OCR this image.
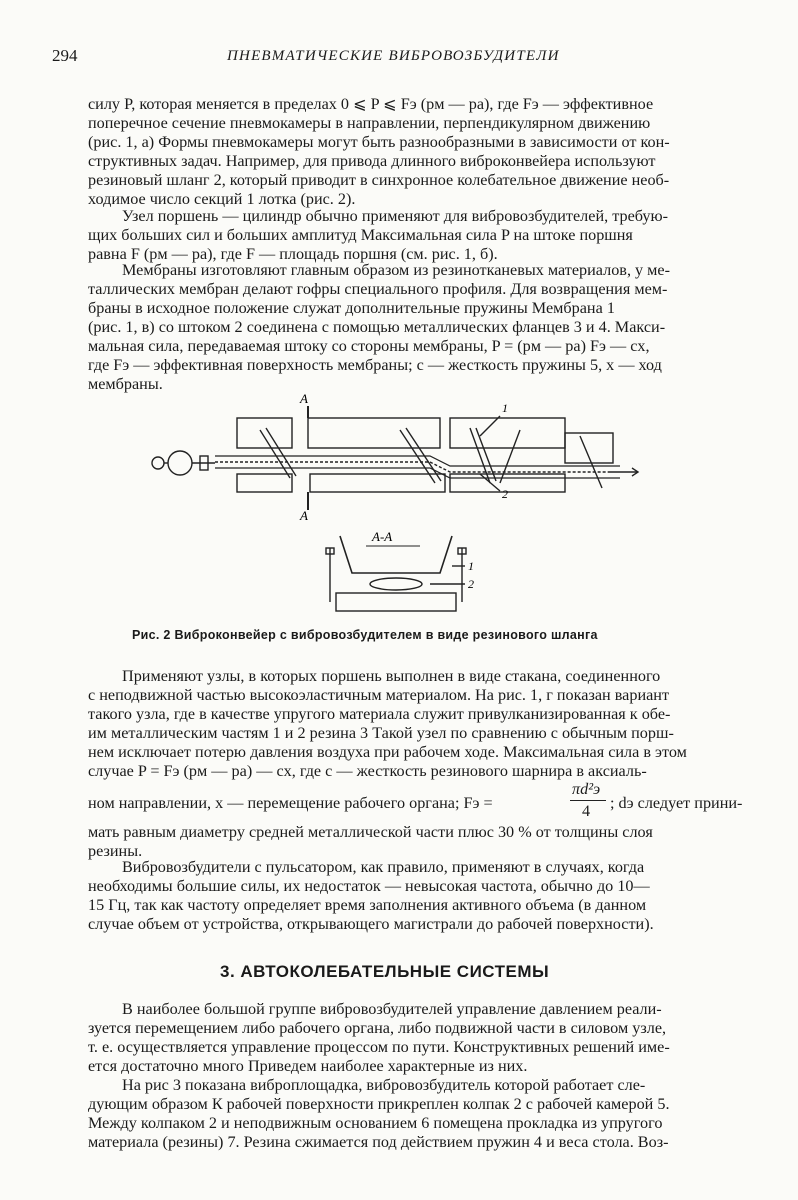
294	ПНЕВМАТИЧЕСКИЕ ВИБРОВОЗБУДИТЕЛИ
силу P, которая меняется в пределах 0 ⩽ P ⩽ Fэ (pм — pа), где Fэ — эффективное
поперечное сечение пневмокамеры в направлении, перпендикулярном движению
(рис. 1, а) Формы пневмокамеры могут быть разнообразными в зависимости от кон-
структивных задач. Например, для привода длинного виброконвейера используют
резиновый шланг 2, который приводит в синхронное колебательное движение необ-
ходимое число секций 1 лотка (рис. 2).
Узел поршень — цилиндр обычно применяют для вибровозбудителей, требую-
щих больших сил и больших амплитуд Максимальная сила P на штоке поршня
равна F (pм — pа), где F — площадь поршня (см. рис. 1, б).
Мембраны изготовляют главным образом из резинотканевых материалов, у ме-
таллических мембран делают гофры специального профиля. Для возвращения мем-
браны в исходное положение служат дополнительные пружины Мембрана 1
(рис. 1, в) со штоком 2 соединена с помощью металлических фланцев 3 и 4. Макси-
мальная сила, передаваемая штоку со стороны мембраны, P = (pм — pа) Fэ — cx,
где Fэ — эффективная поверхность мембраны; c — жесткость пружины 5, x — ход
мембраны.
A
A
1
2
A-A
1
2
Рис. 2 Виброконвейер с вибровозбудителем в виде резинового шланга
Применяют узлы, в которых поршень выполнен в виде стакана, соединенного
с неподвижной частью высокоэластичным материалом. На рис. 1, г показан вариант
такого узла, где в качестве упругого материала служит привулканизированная к обе-
им металлическим частям 1 и 2 резина 3 Такой узел по сравнению с обычным порш-
нем исключает потерю давления воздуха при рабочем ходе. Максимальная сила в этом
случае P = Fэ (pм — pа) — cx, где c — жесткость резинового шарнира в аксиаль-
ном направлении, x — перемещение рабочего органа; Fэ =
πd²э
4 ; dэ следует прини-
мать равным диаметру средней металлической части плюс 30 % от толщины слоя
резины.
Вибровозбудители с пульсатором, как правило, применяют в случаях, когда
необходимы большие силы, их недостаток — невысокая частота, обычно до 10—
15 Гц, так как частоту определяет время заполнения активного объема (в данном
случае объем от устройства, открывающего магистрали до рабочей поверхности).
3. АВТОКОЛЕБАТЕЛЬНЫЕ СИСТЕМЫ
В наиболее большой группе вибровозбудителей управление давлением реали-
зуется перемещением либо рабочего органа, либо подвижной части в силовом узле,
т. е. осуществляется управление процессом по пути. Конструктивных решений име-
ется достаточно много Приведем наиболее характерные из них.
На рис 3 показана виброплощадка, вибровозбудитель которой работает сле-
дующим образом К рабочей поверхности прикреплен колпак 2 с рабочей камерой 5.
Между колпаком 2 и неподвижным основанием 6 помещена прокладка из упругого
материала (резины) 7. Резина сжимается под действием пружин 4 и веса стола. Воз-
